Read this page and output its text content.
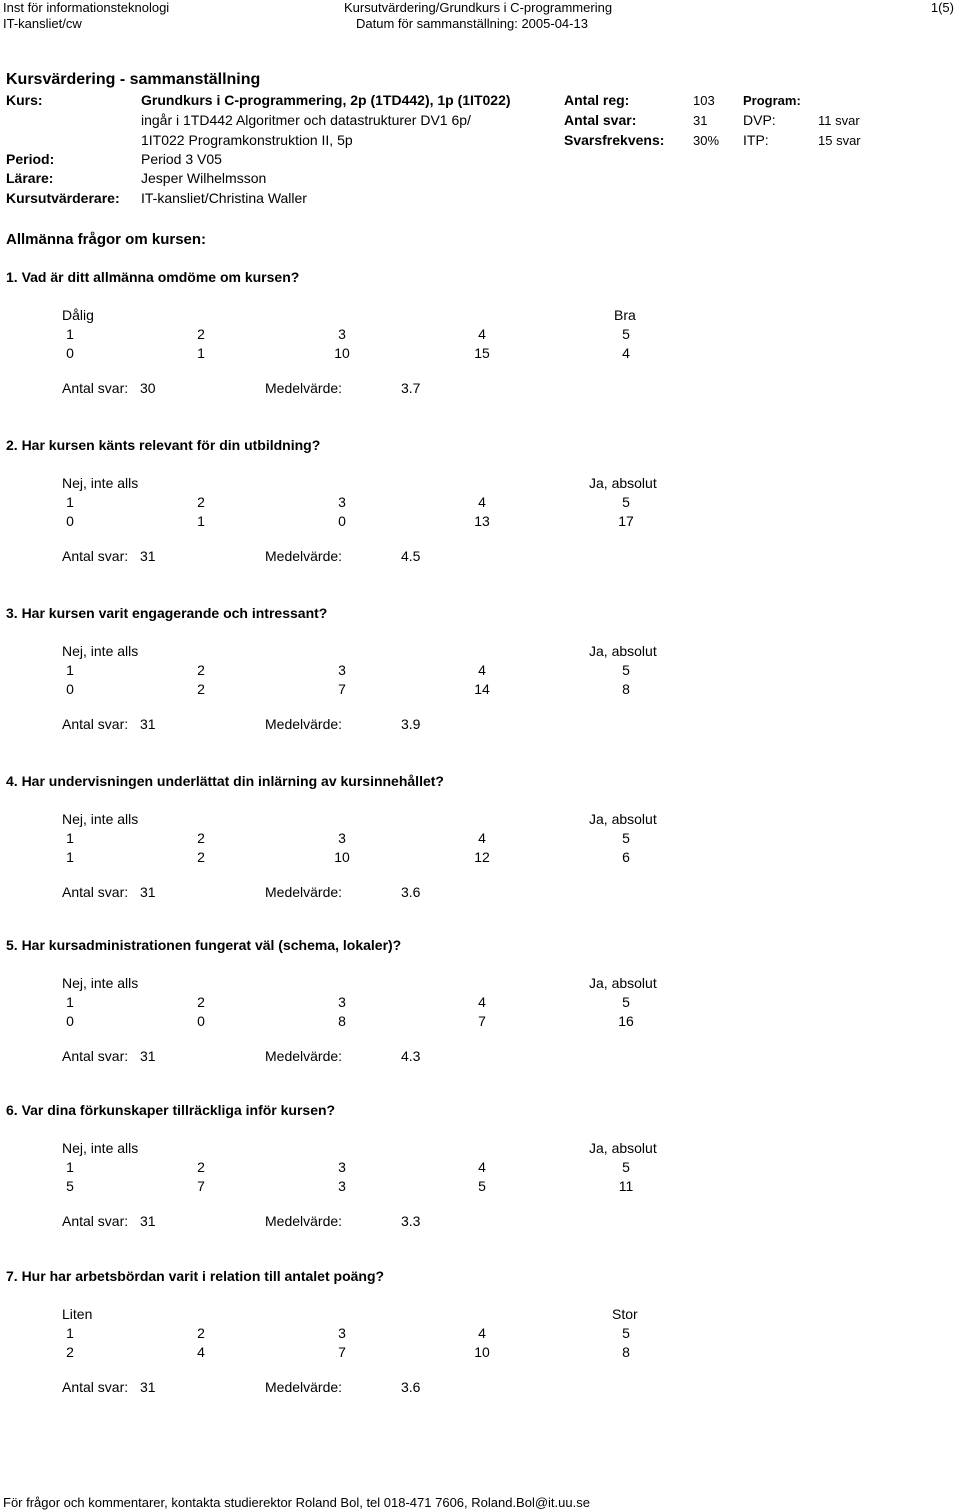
Inst för informationsteknologi
IT-kansliet/cw
Kursutvärdering/Grundkurs i C-programmering
Datum för sammanställning: 2005-04-13
1(5)
Kursvärdering - sammanställning
Kurs:	Grundkurs i C-programmering, 2p (1TD442), 1p (1IT022)
ingår i 1TD442 Algoritmer och datastrukturer DV1 6p/
1IT022 Programkonstruktion II, 5p
Antal reg:	103
Antal svar:	31
Svarsfrekvens: 30%
Program:
DVP:	11 svar
ITP:	15 svar
Period:	Period 3 V05
Lärare:	Jesper Wilhelmsson
Kursutvärderare: IT-kansliet/Christina Waller
Allmänna frågor om kursen:
1. Vad är ditt allmänna omdöme om kursen?
Dålig	Bra
1	2	3	4	5
0	1	10	15	4
Antal svar: 30	Medelvärde:	3.7
2. Har kursen känts relevant för din utbildning?
Nej, inte alls	Ja, absolut
1	2	3	4	5
0	1	0	13	17
Antal svar: 31	Medelvärde:	4.5
3. Har kursen varit engagerande och intressant?
Nej, inte alls	Ja, absolut
1	2	3	4	5
0	2	7	14	8
Antal svar: 31	Medelvärde:	3.9
4. Har undervisningen underlättat din inlärning av kursinnehållet?
Nej, inte alls	Ja, absolut
1	2	3	4	5
1	2	10	12	6
Antal svar: 31	Medelvärde:	3.6
5. Har kursadministrationen fungerat väl (schema, lokaler)?
Nej, inte alls	Ja, absolut
1	2	3	4	5
0	0	8	7	16
Antal svar: 31	Medelvärde:	4.3
6. Var dina förkunskaper tillräckliga inför kursen?
Nej, inte alls	Ja, absolut
1	2	3	4	5
5	7	3	5	11
Antal svar: 31	Medelvärde:	3.3
7. Hur har arbetsbördan varit i relation till antalet poäng?
Liten	Stor
1	2	3	4	5
2	4	7	10	8
Antal svar: 31	Medelvärde:	3.6
För frågor och kommentarer, kontakta studierektor Roland Bol, tel 018-471 7606, Roland.Bol@it.uu.se
